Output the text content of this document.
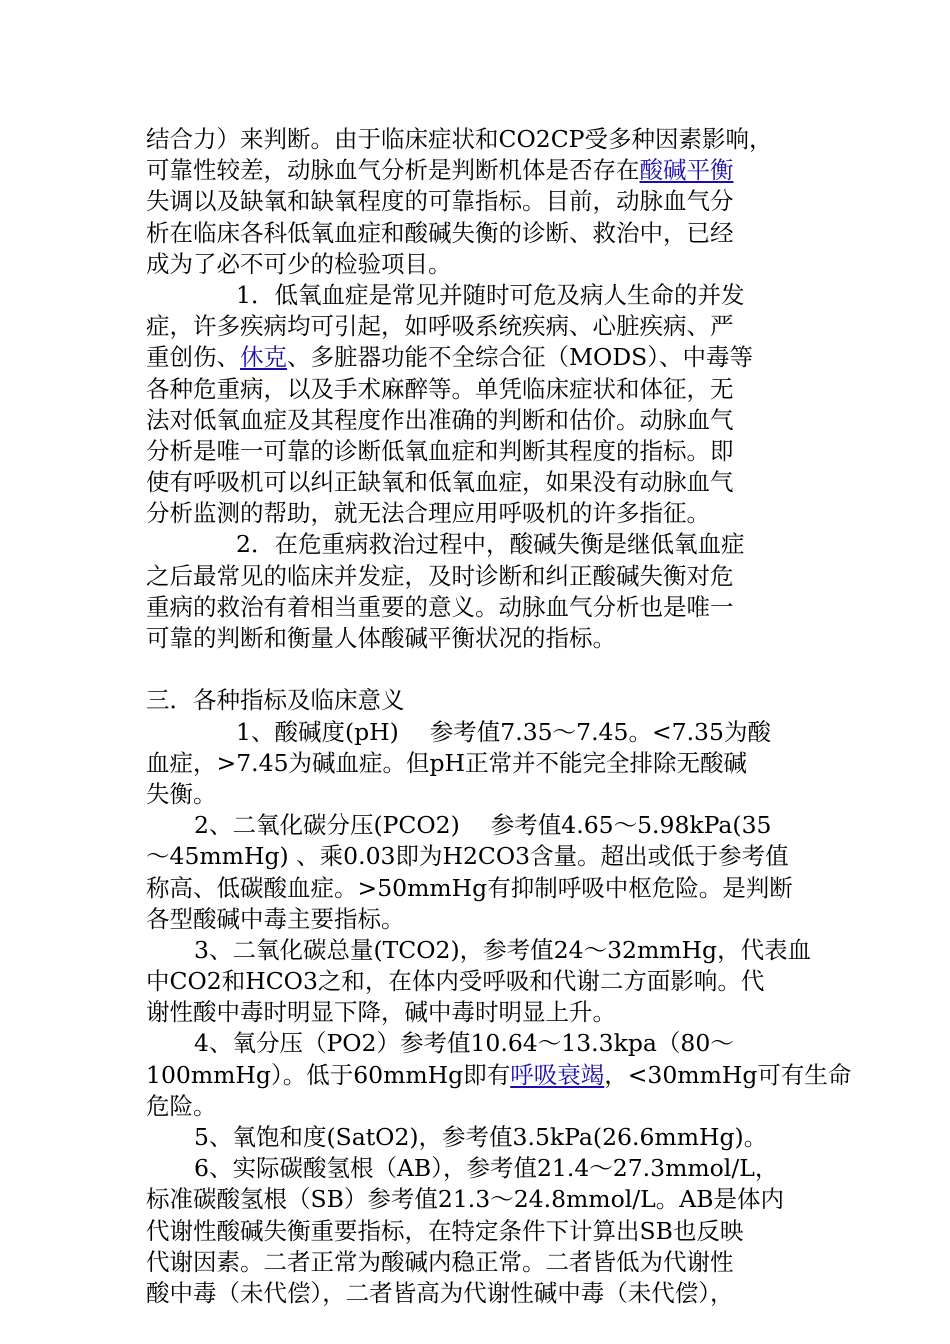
结合力）来判断。由于临床症状和CO2CP受多种因素影响，
可靠性较差，动脉血气分析是判断机体是否存在酸碱平衡
失调以及缺氧和缺氧程度的可靠指标。目前，动脉血气分
析在临床各科低氧血症和酸碱失衡的诊断、救治中，已经
成为了必不可少的检验项目。
1．低氧血症是常见并随时可危及病人生命的并发
症，许多疾病均可引起，如呼吸系统疾病、心脏疾病、严
重创伤、休克、多脏器功能不全综合征（MODS）、中毒等
各种危重病，以及手术麻醉等。单凭临床症状和体征，无
法对低氧血症及其程度作出准确的判断和估价。动脉血气
分析是唯一可靠的诊断低氧血症和判断其程度的指标。即
使有呼吸机可以纠正缺氧和低氧血症，如果没有动脉血气
分析监测的帮助，就无法合理应用呼吸机的许多指征。
2．在危重病救治过程中，酸碱失衡是继低氧血症
之后最常见的临床并发症，及时诊断和纠正酸碱失衡对危
重病的救治有着相当重要的意义。动脉血气分析也是唯一
可靠的判断和衡量人体酸碱平衡状况的指标。
三．各种指标及临床意义
1、酸碱度(pH)　 参考值7.35～7.45。<7.35为酸
血症，>7.45为碱血症。但pH正常并不能完全排除无酸碱
失衡。
2、二氧化碳分压(PCO2)　 参考值4.65～5.98kPa(35
～45mmHg) 、乘0.03即为H2CO3含量。超出或低于参考值
称高、低碳酸血症。>50mmHg有抑制呼吸中枢危险。是判断
各型酸碱中毒主要指标。
3、二氧化碳总量(TCO2)，参考值24～32mmHg，代表血
中CO2和HCO3之和，在体内受呼吸和代谢二方面影响。代
谢性酸中毒时明显下降，碱中毒时明显上升。
4、氧分压（PO2）参考值10.64～13.3kpa（80～
100mmHg）。低于60mmHg即有呼吸衰竭，<30mmHg可有生命
危险。
5、氧饱和度(SatO2)，参考值3.5kPa(26.6mmHg)。
6、实际碳酸氢根（AB），参考值21.4～27.3mmol/L，
标准碳酸氢根（SB）参考值21.3～24.8mmol/L。AB是体内
代谢性酸碱失衡重要指标，在特定条件下计算出SB也反映
代谢因素。二者正常为酸碱内稳正常。二者皆低为代谢性
酸中毒（未代偿），二者皆高为代谢性碱中毒（未代偿），
